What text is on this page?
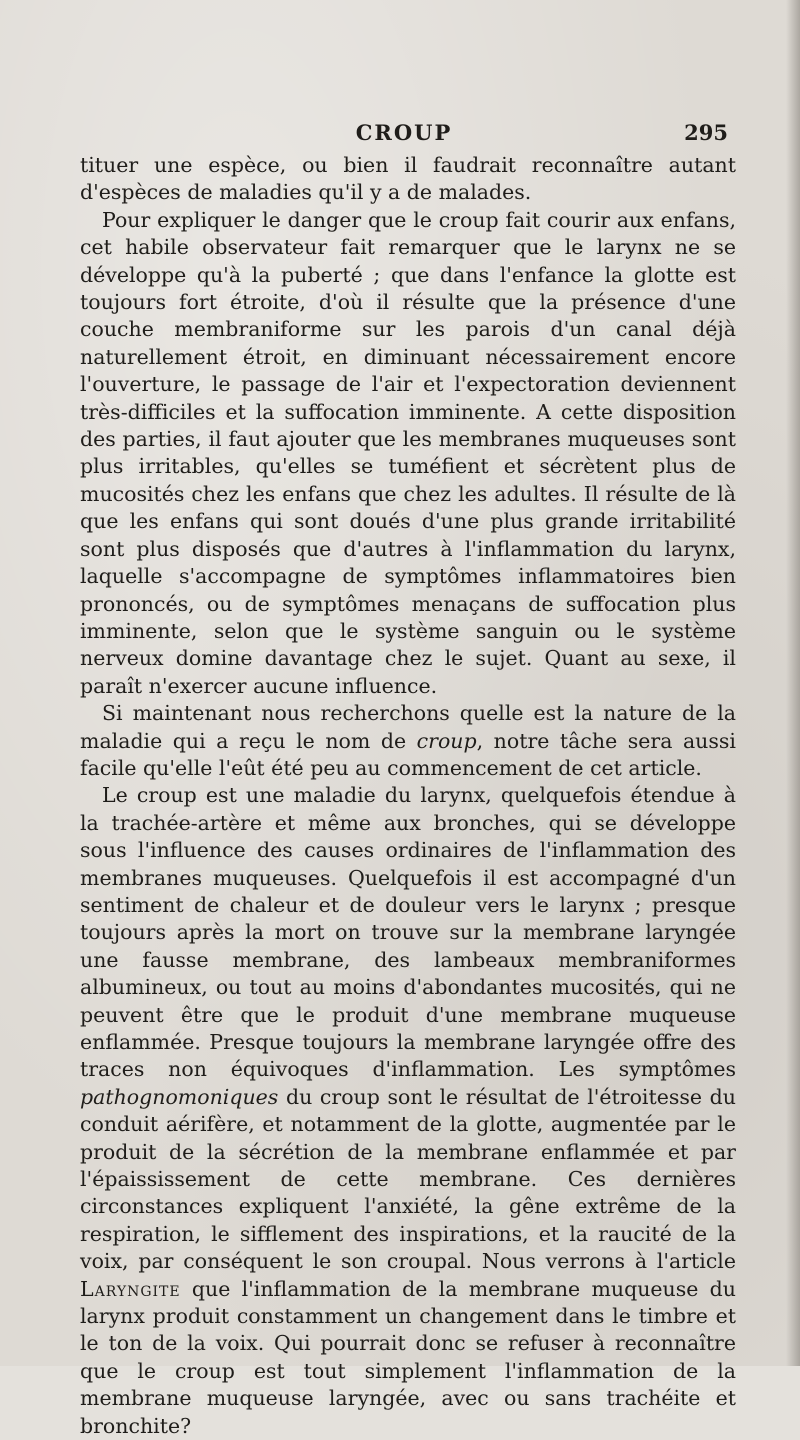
CROUP	295

tituer une espèce, ou bien il faudrait reconnaître autant d'espèces de maladies qu'il y a de malades.

Pour expliquer le danger que le croup fait courir aux enfans, cet habile observateur fait remarquer que le larynx ne se développe qu'à la puberté ; que dans l'enfance la glotte est toujours fort étroite, d'où il résulte que la présence d'une couche membraniforme sur les parois d'un canal déjà naturellement étroit, en diminuant nécessairement encore l'ouverture, le passage de l'air et l'expectoration deviennent très-difficiles et la suffocation imminente. A cette disposition des parties, il faut ajouter que les membranes muqueuses sont plus irritables, qu'elles se tuméfient et sécrètent plus de mucosités chez les enfans que chez les adultes. Il résulte de là que les enfans qui sont doués d'une plus grande irritabilité sont plus disposés que d'autres à l'inflammation du larynx, laquelle s'accompagne de symptômes inflammatoires bien prononcés, ou de symptômes menaçans de suffocation plus imminente, selon que le système sanguin ou le système nerveux domine davantage chez le sujet. Quant au sexe, il paraît n'exercer aucune influence.

Si maintenant nous recherchons quelle est la nature de la maladie qui a reçu le nom de croup, notre tâche sera aussi facile qu'elle l'eût été peu au commencement de cet article.

Le croup est une maladie du larynx, quelquefois étendue à la trachée-artère et même aux bronches, qui se développe sous l'influence des causes ordinaires de l'inflammation des membranes muqueuses. Quelquefois il est accompagné d'un sentiment de chaleur et de douleur vers le larynx ; presque toujours après la mort on trouve sur la membrane laryngée une fausse membrane, des lambeaux membraniformes albumineux, ou tout au moins d'abondantes mucosités, qui ne peuvent être que le produit d'une membrane muqueuse enflammée. Presque toujours la membrane laryngée offre des traces non équivoques d'inflammation. Les symptômes pathognomoniques du croup sont le résultat de l'étroitesse du conduit aérifère, et notamment de la glotte, augmentée par le produit de la sécrétion de la membrane enflammée et par l'épaississement de cette membrane. Ces dernières circonstances expliquent l'anxiété, la gêne extrême de la respiration, le sifflement des inspirations, et la raucité de la voix, par conséquent le son croupal. Nous verrons à l'article Laryngite que l'inflammation de la membrane muqueuse du larynx produit constamment un changement dans le timbre et le ton de la voix. Qui pourrait donc se refuser à reconnaître que le croup est tout simplement l'inflammation de la membrane muqueuse laryngée, avec ou sans trachéite et bronchite?
